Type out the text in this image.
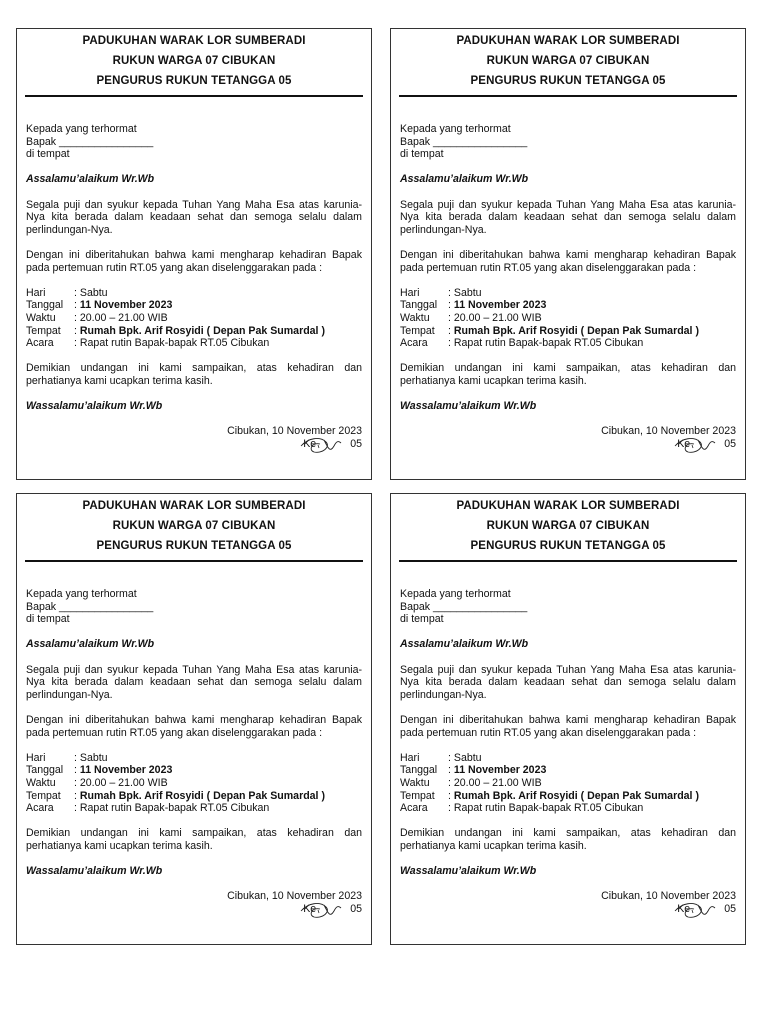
PADUKUHAN WARAK LOR SUMBERADI
RUKUN WARGA 07 CIBUKAN
PENGURUS RUKUN TETANGGA 05
Kepada yang terhormat
Bapak ________________
di tempat
Assalamu’alaikum Wr.Wb
Segala puji dan syukur kepada Tuhan Yang Maha Esa atas karunia-Nya kita berada dalam keadaan sehat dan semoga selalu dalam perlindungan-Nya.
Dengan ini diberitahukan bahwa kami mengharap kehadiran Bapak pada pertemuan rutin RT.05 yang akan diselenggarakan pada :
Hari	: Sabtu
Tanggal	: 11 November 2023
Waktu	: 20.00 – 21.00 WIB
Tempat	: Rumah Bpk. Arif Rosyidi ( Depan Pak Sumardal )
Acara	: Rapat rutin Bapak-bapak RT.05 Cibukan
Demikian undangan ini kami sampaikan, atas kehadiran dan perhatianya kami ucapkan terima kasih.
Wassalamu’alaikum Wr.Wb
Cibukan, 10 November 2023
Ke	05
PADUKUHAN WARAK LOR SUMBERADI
RUKUN WARGA 07 CIBUKAN
PENGURUS RUKUN TETANGGA 05
Kepada yang terhormat
Bapak ________________
di tempat
Assalamu’alaikum Wr.Wb
Segala puji dan syukur kepada Tuhan Yang Maha Esa atas karunia-Nya kita berada dalam keadaan sehat dan semoga selalu dalam perlindungan-Nya.
Dengan ini diberitahukan bahwa kami mengharap kehadiran Bapak pada pertemuan rutin RT.05 yang akan diselenggarakan pada :
Hari	: Sabtu
Tanggal	: 11 November 2023
Waktu	: 20.00 – 21.00 WIB
Tempat	: Rumah Bpk. Arif Rosyidi ( Depan Pak Sumardal )
Acara	: Rapat rutin Bapak-bapak RT.05 Cibukan
Demikian undangan ini kami sampaikan, atas kehadiran dan perhatianya kami ucapkan terima kasih.
Wassalamu’alaikum Wr.Wb
Cibukan, 10 November 2023
Ke	05
PADUKUHAN WARAK LOR SUMBERADI
RUKUN WARGA 07 CIBUKAN
PENGURUS RUKUN TETANGGA 05
Kepada yang terhormat
Bapak ________________
di tempat
Assalamu’alaikum Wr.Wb
Segala puji dan syukur kepada Tuhan Yang Maha Esa atas karunia-Nya kita berada dalam keadaan sehat dan semoga selalu dalam perlindungan-Nya.
Dengan ini diberitahukan bahwa kami mengharap kehadiran Bapak pada pertemuan rutin RT.05 yang akan diselenggarakan pada :
Hari	: Sabtu
Tanggal	: 11 November 2023
Waktu	: 20.00 – 21.00 WIB
Tempat	: Rumah Bpk. Arif Rosyidi ( Depan Pak Sumardal )
Acara	: Rapat rutin Bapak-bapak RT.05 Cibukan
Demikian undangan ini kami sampaikan, atas kehadiran dan perhatianya kami ucapkan terima kasih.
Wassalamu’alaikum Wr.Wb
Cibukan, 10 November 2023
Ke	05
PADUKUHAN WARAK LOR SUMBERADI
RUKUN WARGA 07 CIBUKAN
PENGURUS RUKUN TETANGGA 05
Kepada yang terhormat
Bapak ________________
di tempat
Assalamu’alaikum Wr.Wb
Segala puji dan syukur kepada Tuhan Yang Maha Esa atas karunia-Nya kita berada dalam keadaan sehat dan semoga selalu dalam perlindungan-Nya.
Dengan ini diberitahukan bahwa kami mengharap kehadiran Bapak pada pertemuan rutin RT.05 yang akan diselenggarakan pada :
Hari	: Sabtu
Tanggal	: 11 November 2023
Waktu	: 20.00 – 21.00 WIB
Tempat	: Rumah Bpk. Arif Rosyidi ( Depan Pak Sumardal )
Acara	: Rapat rutin Bapak-bapak RT.05 Cibukan
Demikian undangan ini kami sampaikan, atas kehadiran dan perhatianya kami ucapkan terima kasih.
Wassalamu’alaikum Wr.Wb
Cibukan, 10 November 2023
Ke	05
